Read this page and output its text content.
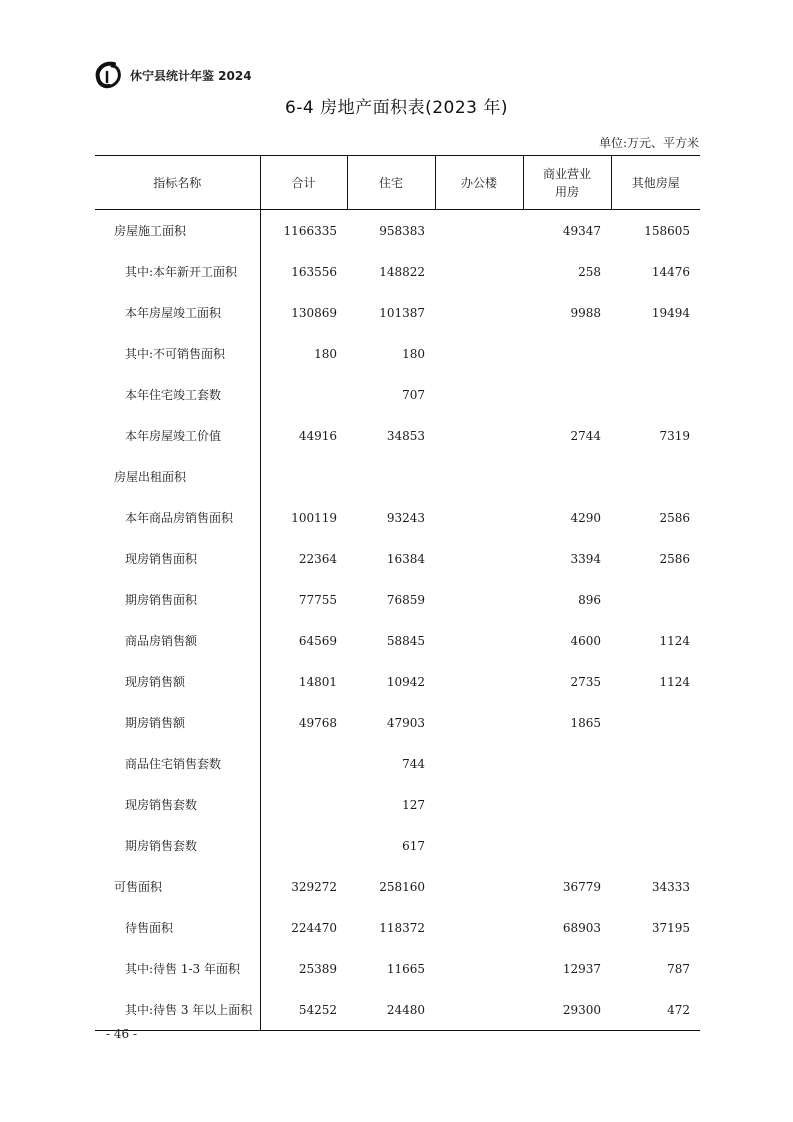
休宁县统计年鉴 2024
6-4 房地产面积表(2023 年)
单位:万元、平方米
指标名称	合计	住宅	办公楼	商业营业用房	其他房屋
房屋施工面积	1166335	958383		49347	158605
其中:本年新开工面积	163556	148822		258	14476
本年房屋竣工面积	130869	101387		9988	19494
其中:不可销售面积	180	180			
本年住宅竣工套数		707			
本年房屋竣工价值	44916	34853		2744	7319
房屋出租面积					
本年商品房销售面积	100119	93243		4290	2586
现房销售面积	22364	16384		3394	2586
期房销售面积	77755	76859		896	
商品房销售额	64569	58845		4600	1124
现房销售额	14801	10942		2735	1124
期房销售额	49768	47903		1865	
商品住宅销售套数		744			
现房销售套数		127			
期房销售套数		617			
可售面积	329272	258160		36779	34333
待售面积	224470	118372		68903	37195
其中:待售 1-3 年面积	25389	11665		12937	787
其中:待售 3 年以上面积	54252	24480		29300	472
- 46 -
